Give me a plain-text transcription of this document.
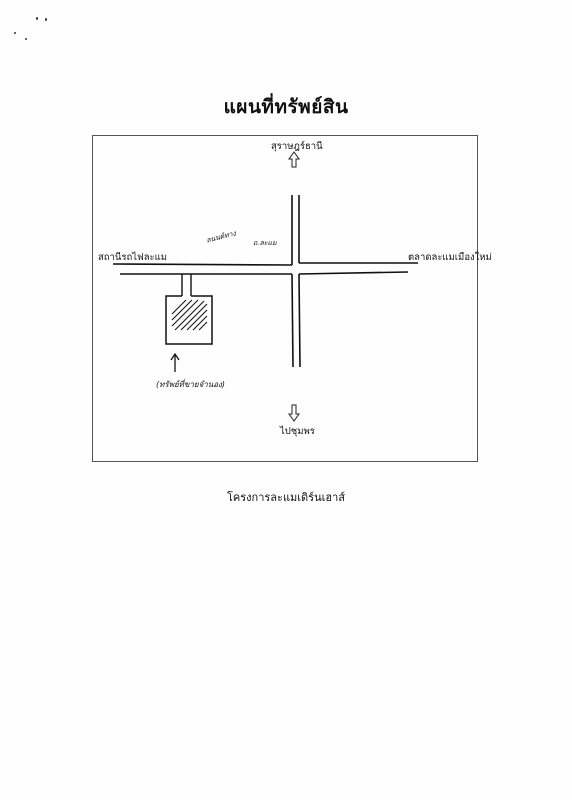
แผนที่ทรัพย์สิน
สุราษฎร์ธานี
สถานีรถไฟละแม	ตลาดละแมเมืองใหม่
ไปชุมพร
ลนนต์ทาง ถ.ละแม
(ทรัพย์ที่ขายจำนอง)
โครงการละแมเดิร์นเฮาส์
